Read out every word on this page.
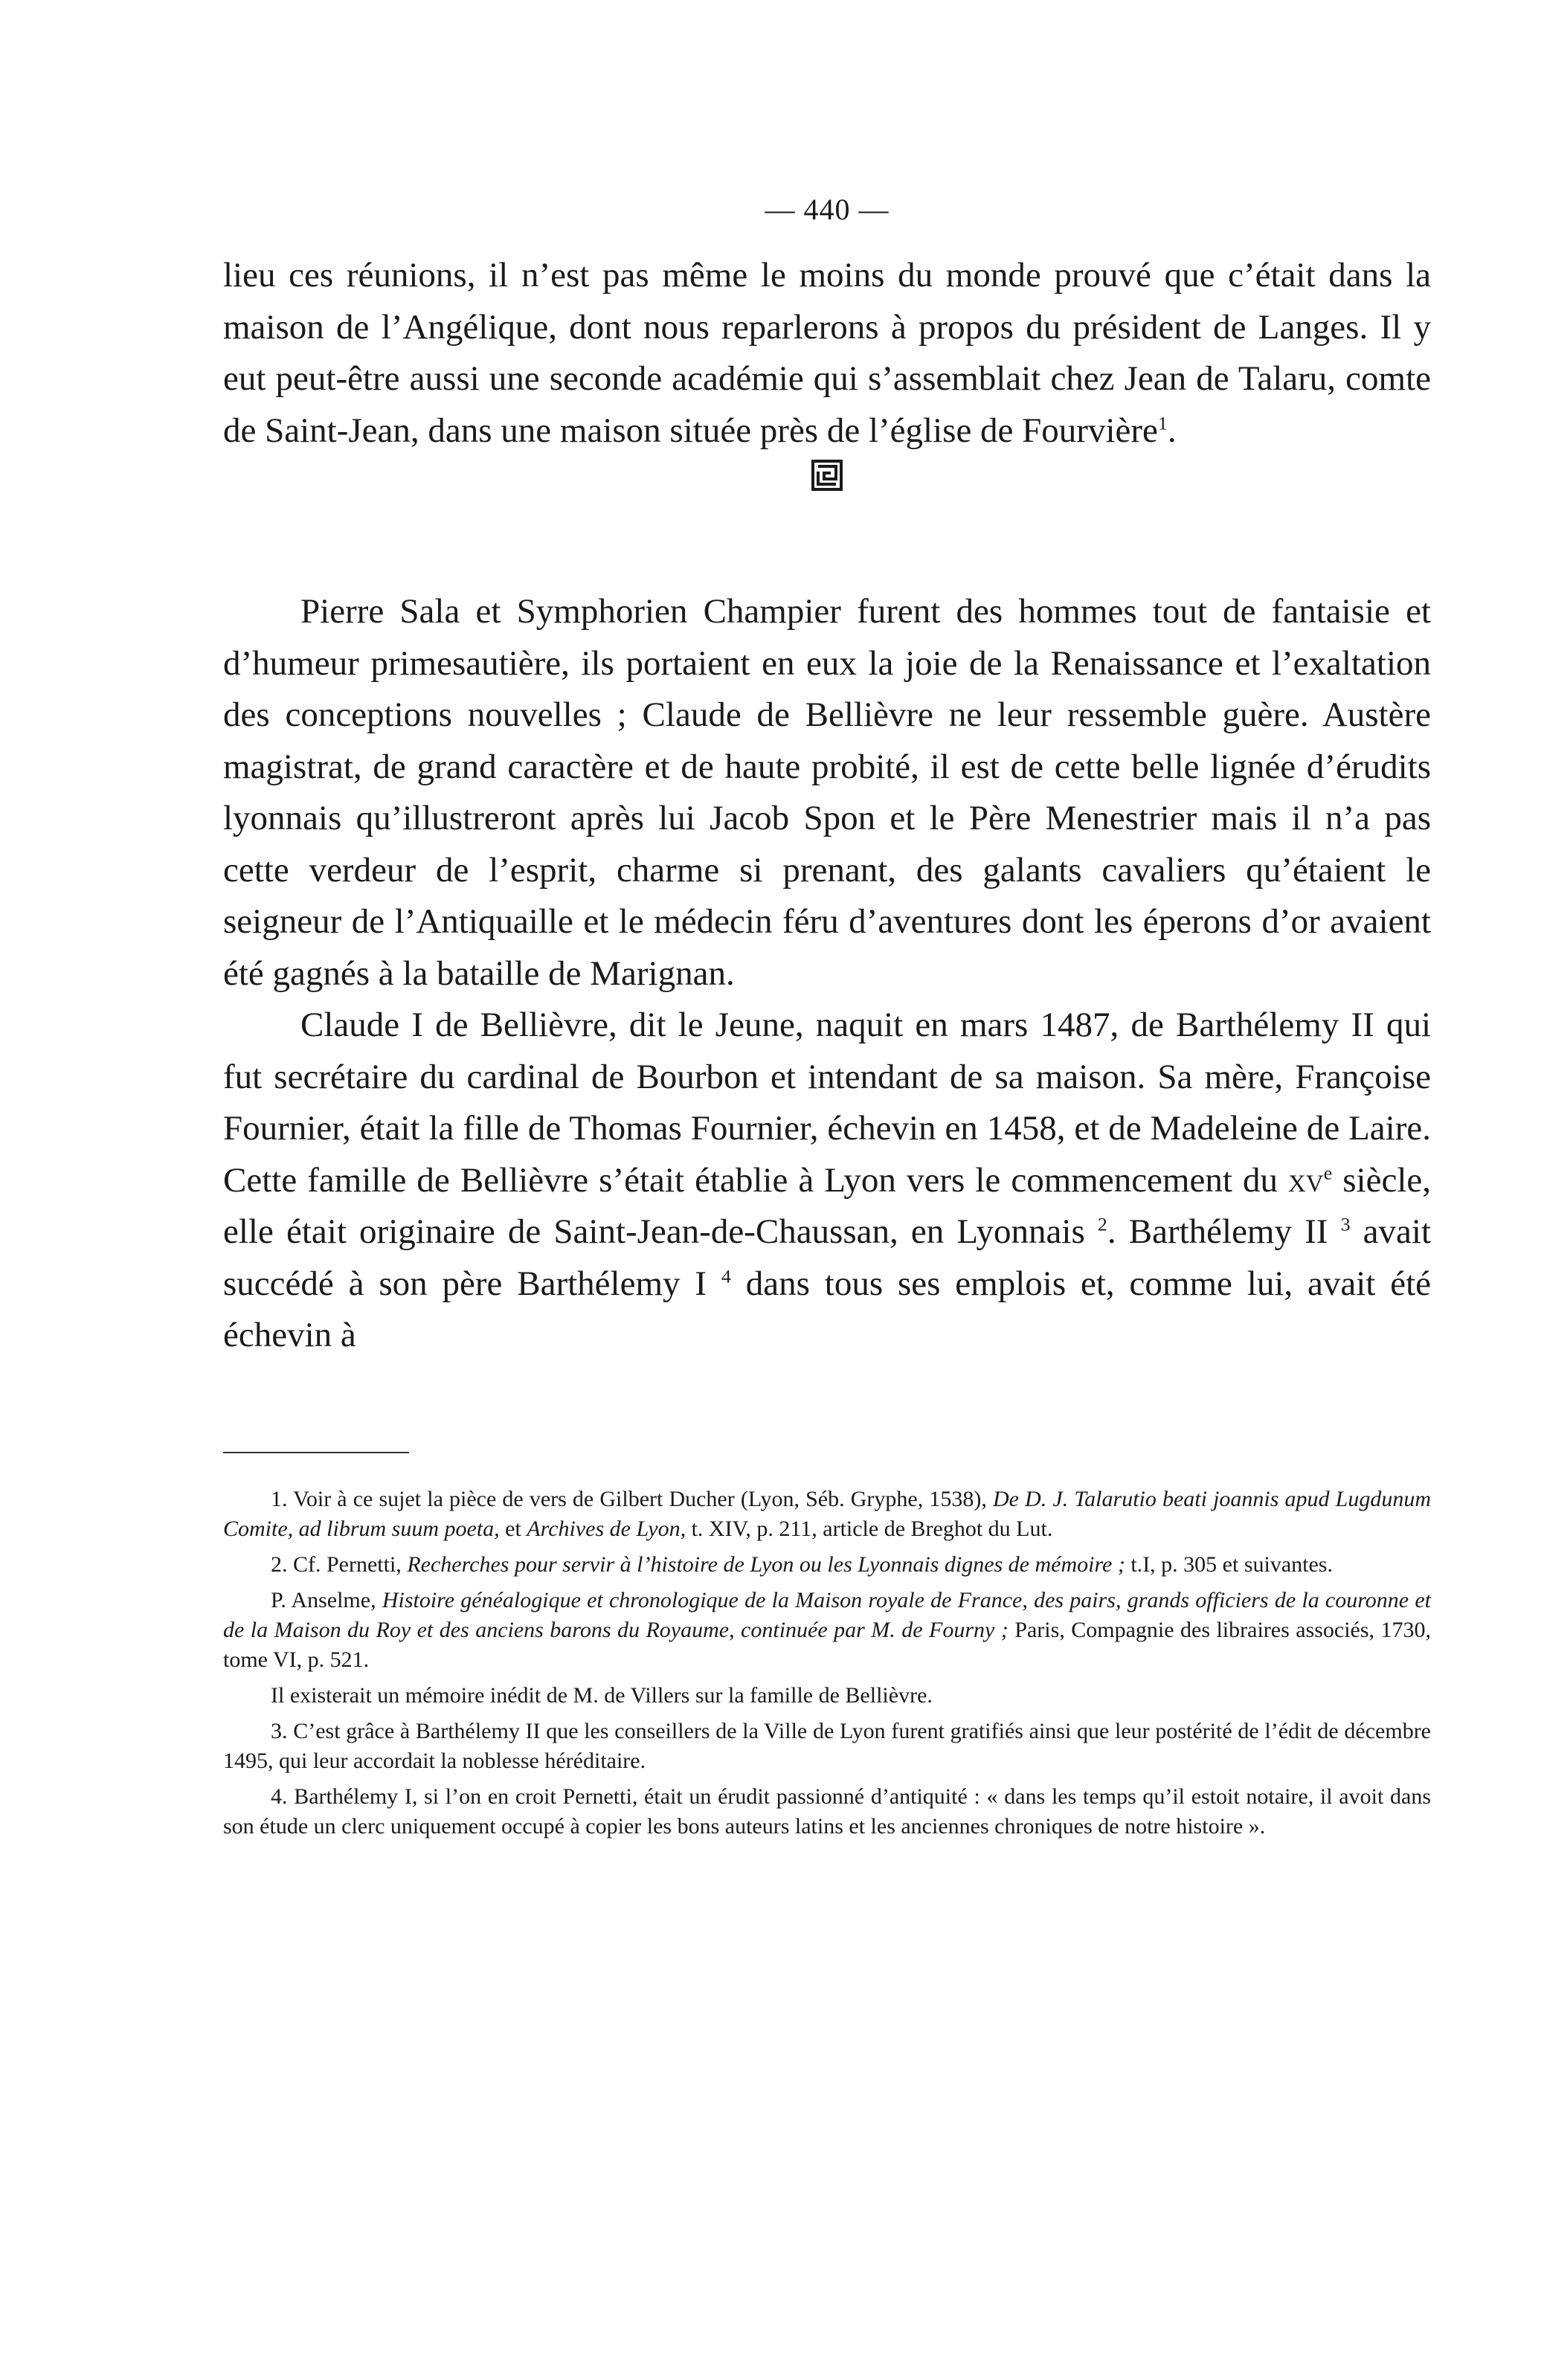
— 440 —

lieu ces réunions, il n’est pas même le moins du monde prouvé que c’était dans la maison de l’Angélique, dont nous reparlerons à propos du président de Langes. Il y eut peut-être aussi une seconde académie qui s’assemblait chez Jean de Talaru, comte de Saint-Jean, dans une maison située près de l’église de Fourvière$^1$.

Pierre Sala et Symphorien Champier furent des hommes tout de fantaisie et d’humeur primesautière, ils portaient en eux la joie de la Renaissance et l’exaltation des conceptions nouvelles ; Claude de Bellièvre ne leur ressemble guère. Austère magistrat, de grand caractère et de haute probité, il est de cette belle lignée d’érudits lyonnais qu’illustreront après lui Jacob Spon et le Père Menestrier mais il n’a pas cette verdeur de l’esprit, charme si prenant, des galants cavaliers qu’étaient le seigneur de l’Antiquaille et le médecin féru d’aventures dont les éperons d’or avaient été gagnés à la bataille de Marignan.

Claude I de Bellièvre, dit le Jeune, naquit en mars 1487, de Barthélemy II qui fut secrétaire du cardinal de Bourbon et intendant de sa maison. Sa mère, Françoise Fournier, était la fille de Thomas Fournier, échevin en 1458, et de Madeleine de Laire. Cette famille de Bellièvre s’était établie à Lyon vers le commencement du $xv^e$ siècle, elle était originaire de Saint-Jean-de-Chaussan, en Lyonnais $^2$. Barthélemy II $^3$ avait succédé à son père Barthélemy I $^4$ dans tous ses emplois et, comme lui, avait été échevin à

1. Voir à ce sujet la pièce de vers de Gilbert Ducher (Lyon, Séb. Gryphe, 1538), De D. J. Talarutio beati joannis apud Lugdunum Comite, ad librum suum poeta, et Archives de Lyon, t. XIV, p. 211, article de Breghot du Lut.

2. Cf. Pernetti, Recherches pour servir à l’histoire de Lyon ou les Lyonnais dignes de mémoire ; t.I, p. 305 et suivantes.

P. Anselme, Histoire généalogique et chronologique de la Maison royale de France, des pairs, grands officiers de la couronne et de la Maison du Roy et des anciens barons du Royaume, continuée par M. de Fourny ; Paris, Compagnie des libraires associés, 1730, tome VI, p. 521.

Il existerait un mémoire inédit de M. de Villers sur la famille de Bellièvre.

3. C’est grâce à Barthélemy II que les conseillers de la Ville de Lyon furent gratifiés ainsi que leur postérité de l’édit de décembre 1495, qui leur accordait la noblesse héréditaire.

4. Barthélemy I, si l’on en croit Pernetti, était un érudit passionné d’antiquité : « dans les temps qu’il estoit notaire, il avoit dans son étude un clerc uniquement occupé à copier les bons auteurs latins et les anciennes chroniques de notre histoire ».
